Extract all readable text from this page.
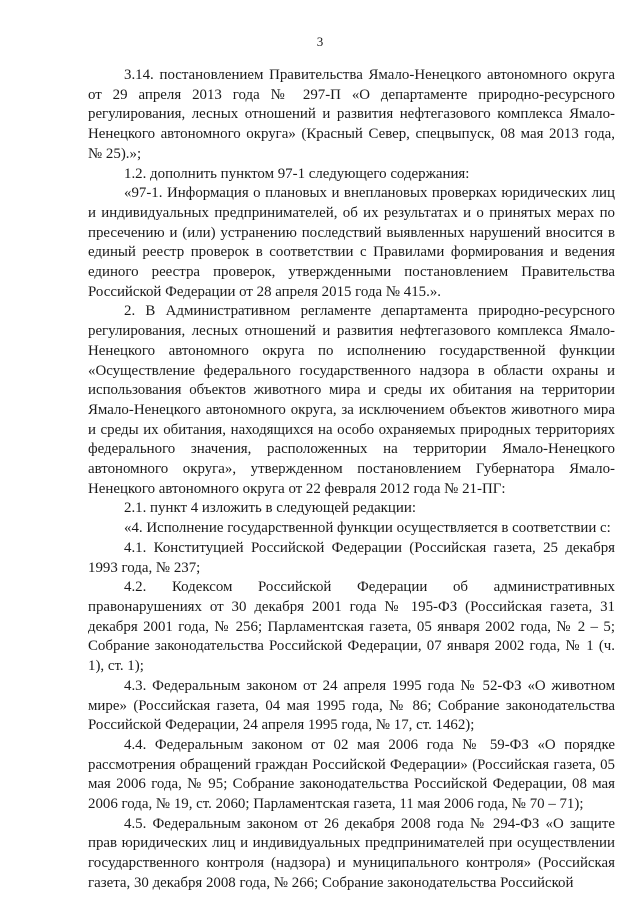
3

3.14. постановлением Правительства Ямало-Ненецкого автономного округа от 29 апреля 2013 года № 297-П «О департаменте природно-ресурсного регулирования, лесных отношений и развития нефтегазового комплекса Ямало-Ненецкого автономного округа» (Красный Север, спецвыпуск, 08 мая 2013 года, № 25).»;

1.2. дополнить пунктом 97-1 следующего содержания:

«97-1. Информация о плановых и внеплановых проверках юридических лиц и индивидуальных предпринимателей, об их результатах и о принятых мерах по пресечению и (или) устранению последствий выявленных нарушений вносится в единый реестр проверок в соответствии с Правилами формирования и ведения единого реестра проверок, утвержденными постановлением Правительства Российской Федерации от 28 апреля 2015 года № 415.».

2. В Административном регламенте департамента природно-ресурсного регулирования, лесных отношений и развития нефтегазового комплекса Ямало-Ненецкого автономного округа по исполнению государственной функции «Осуществление федерального государственного надзора в области охраны и использования объектов животного мира и среды их обитания на территории Ямало-Ненецкого автономного округа, за исключением объектов животного мира и среды их обитания, находящихся на особо охраняемых природных территориях федерального значения, расположенных на территории Ямало-Ненецкого автономного округа», утвержденном постановлением Губернатора Ямало-Ненецкого автономного округа от 22 февраля 2012 года № 21-ПГ:

2.1. пункт 4 изложить в следующей редакции:

«4. Исполнение государственной функции осуществляется в соответствии с:

4.1. Конституцией Российской Федерации (Российская газета, 25 декабря 1993 года, № 237;

4.2. Кодексом Российской Федерации об административных правонарушениях от 30 декабря 2001 года № 195-ФЗ (Российская газета, 31 декабря 2001 года, № 256; Парламентская газета, 05 января 2002 года, № 2 – 5; Собрание законодательства Российской Федерации, 07 января 2002 года, № 1 (ч. 1), ст. 1);

4.3. Федеральным законом от 24 апреля 1995 года № 52-ФЗ «О животном мире» (Российская газета, 04 мая 1995 года, № 86; Собрание законодательства Российской Федерации, 24 апреля 1995 года, № 17, ст. 1462);

4.4. Федеральным законом от 02 мая 2006 года № 59-ФЗ «О порядке рассмотрения обращений граждан Российской Федерации» (Российская газета, 05 мая 2006 года, № 95; Собрание законодательства Российской Федерации, 08 мая 2006 года, № 19, ст. 2060; Парламентская газета, 11 мая 2006 года, № 70 – 71);

4.5. Федеральным законом от 26 декабря 2008 года № 294-ФЗ «О защите прав юридических лиц и индивидуальных предпринимателей при осуществлении государственного контроля (надзора) и муниципального контроля» (Российская газета, 30 декабря 2008 года, № 266; Собрание законодательства Российской
